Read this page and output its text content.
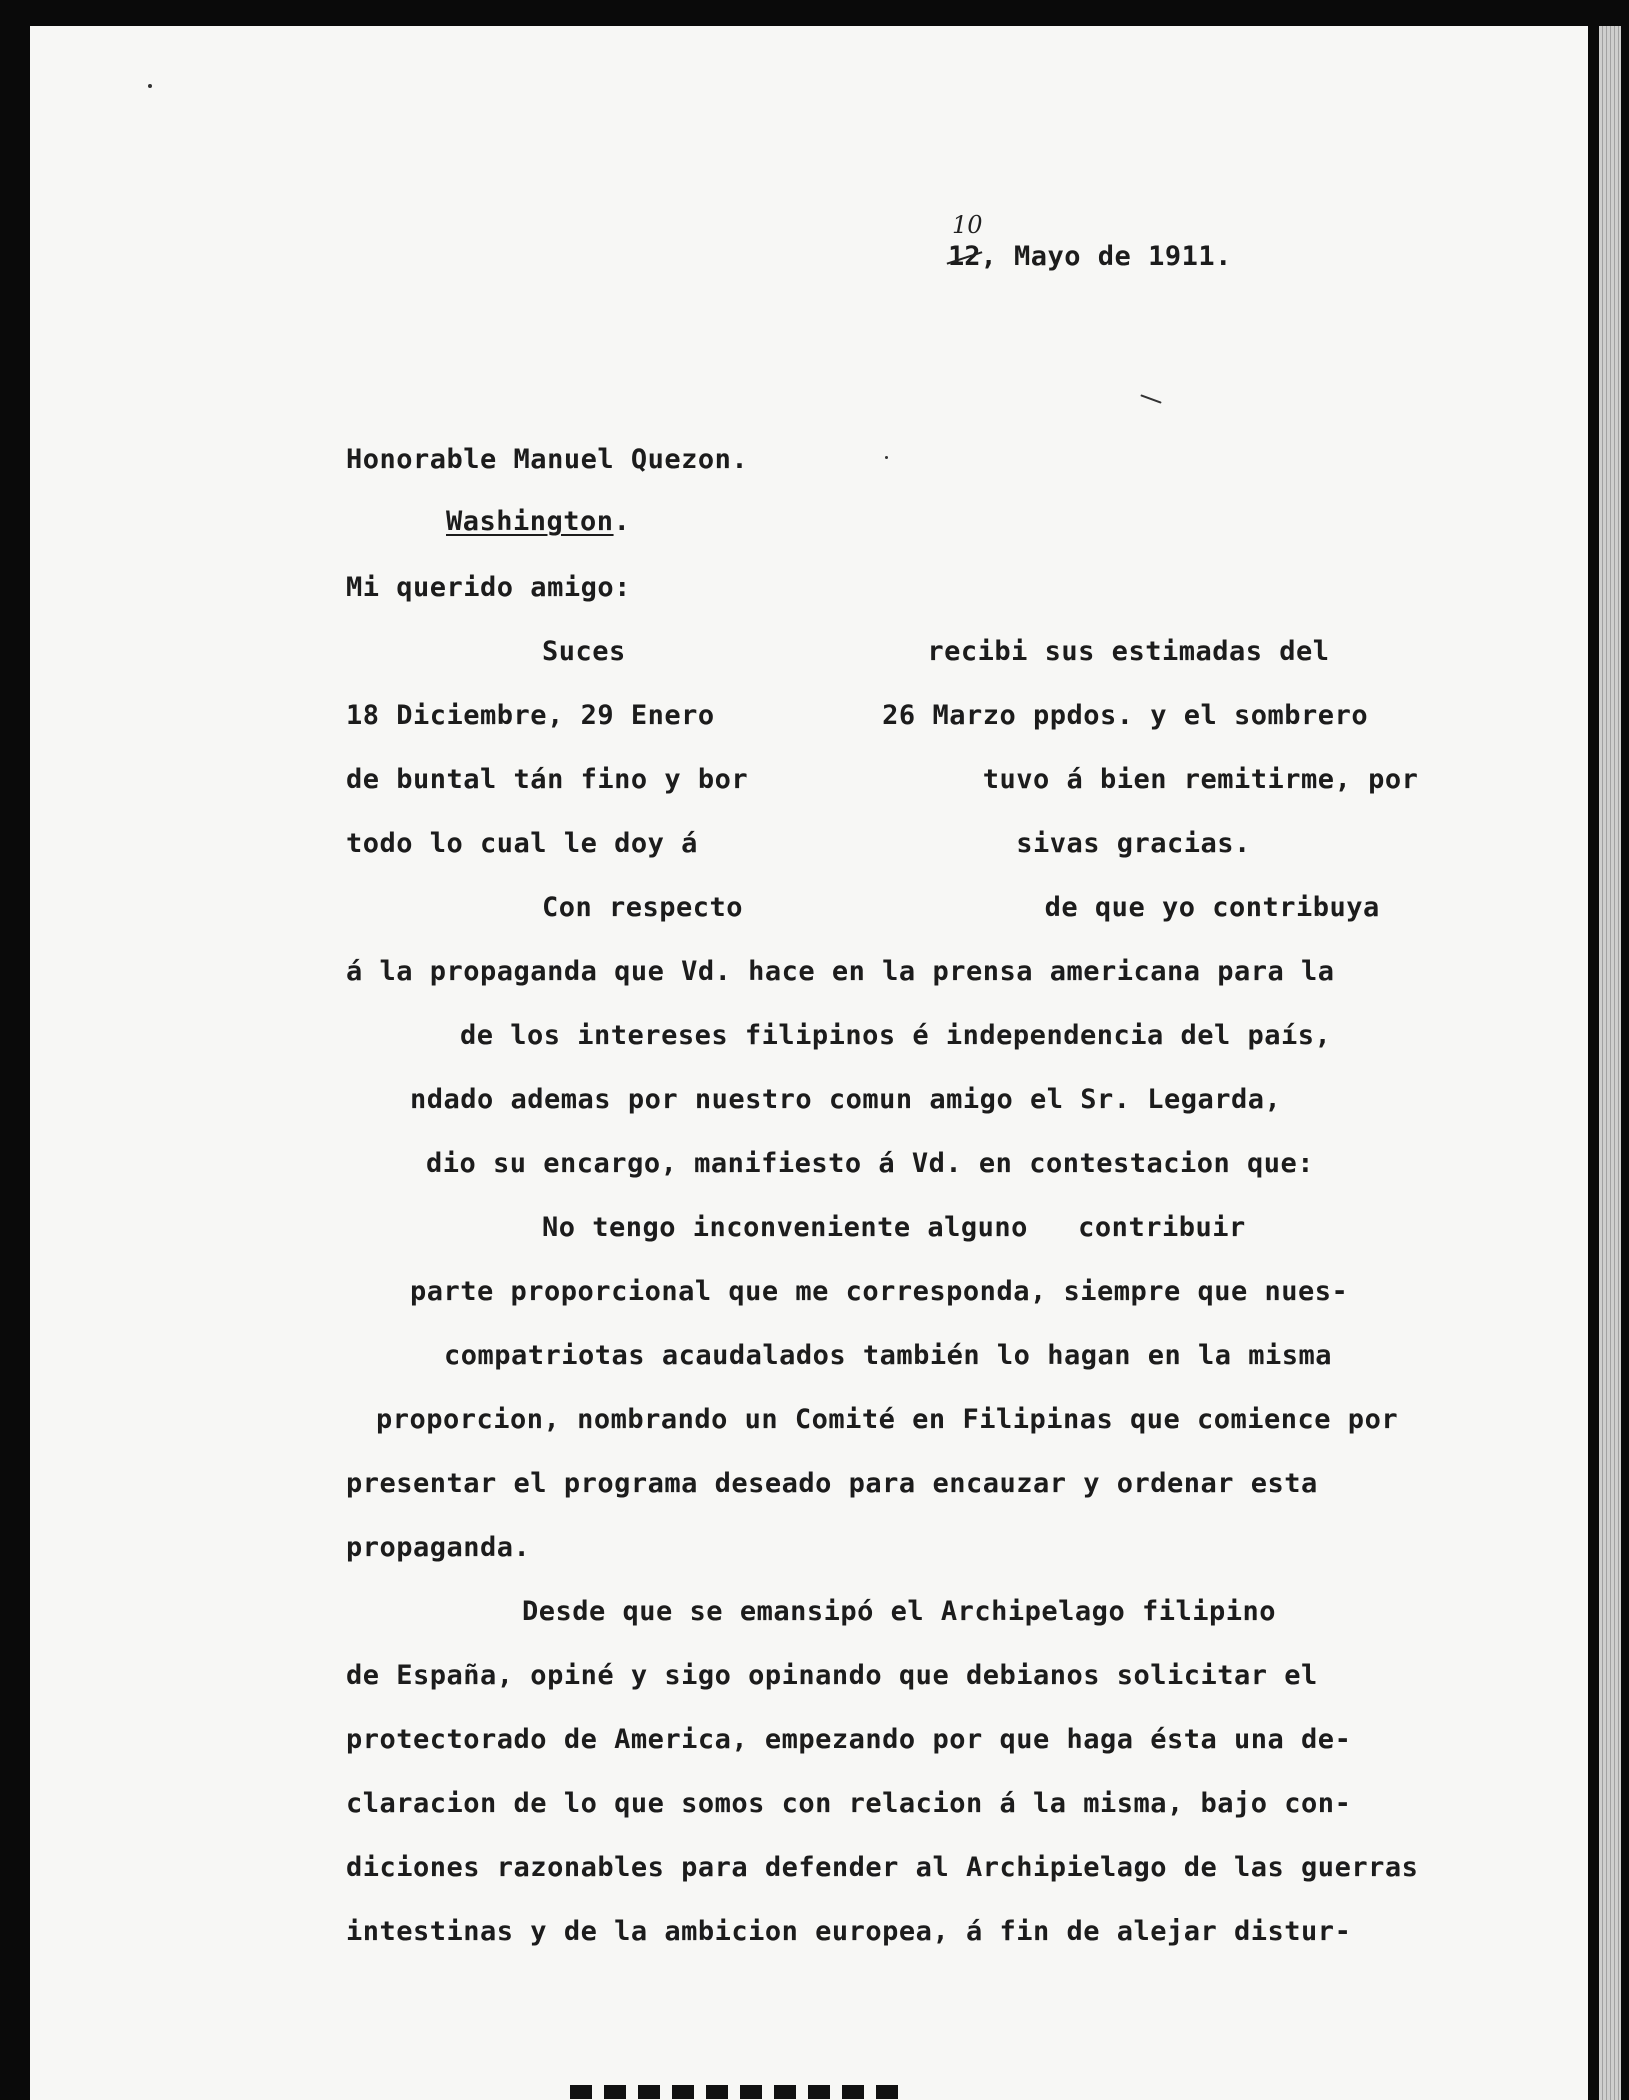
12, Mayo de 1911.
10

Honorable Manuel Quezon.

Washington.

Mi querido amigo:

Suces                  recibi sus estimadas del

18 Diciembre, 29 Enero          26 Marzo ppdos. y el sombrero

de buntal tán fino y bor              tuvo á bien remitirme, por

todo lo cual le doy á                   sivas gracias.

Con respecto                  de que yo contribuya

á la propaganda que Vd. hace en la prensa americana para la

de los intereses filipinos é independencia del país,

ndado ademas por nuestro comun amigo el Sr. Legarda,

dio su encargo, manifiesto á Vd. en contestacion que:

No tengo inconveniente alguno   contribuir

parte proporcional que me corresponda, siempre que nues-

compatriotas acaudalados también lo hagan en la misma

proporcion, nombrando un Comité en Filipinas que comience por

presentar el programa deseado para encauzar y ordenar esta

propaganda.

Desde que se emansipó el Archipelago filipino

de España, opiné y sigo opinando que debianos solicitar el

protectorado de America, empezando por que haga ésta una de-

claracion de lo que somos con relacion á la misma, bajo con-

diciones razonables para defender al Archipielago de las guerras

intestinas y de la ambicion europea, á fin de alejar distur-
